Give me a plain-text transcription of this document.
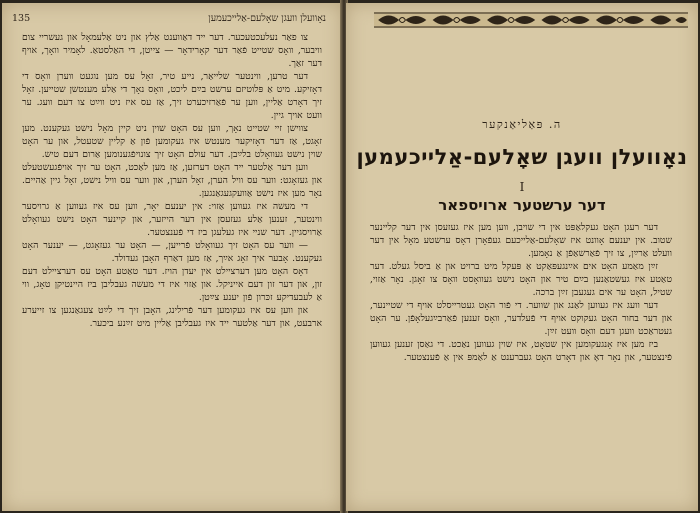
135	נאָוועלן וועגן שאָלעם-אַלייכעמען

צו פאַר נעלעכטעכער. דער ייד דאַווענט אַלץ און ניט אַלעמאָל און געשריי צום וויבער, וואָס שטייט פֿאַר דער קאָרידאָר — צייטן, די האַלסטאַ. לאָמיר וואָך, אויף דער זאַך.

דער טרען, ווינטער שלייאַר, נייע טיר, זאָל עס מען נוגעט ווערן וואָס די דאָזיקע. מיט אַ פּלוטיזם ערשט בײַם ליכט, וואָס נאָך די אַלע מענטשן שטייען. זאָל זיך דאָרט אַליין, ווען ער פֿאַרזיכערט זיך, אַז עס איז ניט ווײַט צו דעם וועג. ער וועט אויך גיין.

צווישן זיי שטייט נאָך, ווען עס האָט שוין ניט קיין מאָל נישט געקענט. מען זאָגט, אַז דער דאָזיקער מענטש איז געקומען פֿון אַ קליין שטעטל, און ער האָט שוין נישט געוואָלט בלײַבן. דער עולם האָט זיך צונויפֿגענומען אַרום דעם טיש.

ווען דער אַלטער ייד האָט דערזען, אַז מען לאַכט, האָט ער זיך אויפֿגעשטעלט און געזאָגט: ווער עס וויל הערן, זאָל הערן, און ווער עס וויל נישט, זאָל גיין אַהיים. נאָר מען איז נישט אַוועקגעגאַנגען.

די מעשה איז געווען אַזוי: אין יענעם יאָר, ווען עס איז געווען אַ גרויסער ווינטער, זענען אַלע געזעסן אין דער הייזער, און קיינער האָט נישט געוואָלט אַרויסגיין. דער שניי איז געלעגן ביז די פֿענצטער.

— ווער עס האָט זיך געוואָלט פֿרייען, — האָט ער געזאָגט, — יענער האָט געקענט. אָבער איך זאָג אײַך, אַז מען דאַרף האָבן געדולד.

דאָס האָט מען דערציילט אין יעדן הויז. דער טאַטע האָט עס דערציילט דעם זון, און דער זון דעם אייניקל. און אַזוי איז די מעשה געבליבן ביז היינטיקן טאָג, ווי אַ לעבעדיקע זכּרון פֿון יענע צײַטן.

און ווען עס איז געקומען דער פֿרילינג, האָבן זיך די לײַט צעגאַנגען צו זייערע ארבעט, און דער אַלטער ייד איז געבליבן אַליין מיט זײַנע ביכער.

ה. פּאַליאַנקער
נאָוועלן וועגן שאָלעם-אַלייכעמען
I
דער ערשטער ארויספאר

דער רעגן האָט געקלאַפּט אין די שויבן, ווען מען איז געזעסן אין דער קליינער שטוב. אין יענעם אָוונט איז שאָלעם-אַלייכעם געפֿאָרן דאָס ערשטע מאָל אין דער וועלט אַרײַן, צו זיך פֿאַרשאַפֿן אַ נאָמען.

זײַן מאַמע האָט אים אײַנגעפּאַקט אַ פּעקל מיט ברויט און אַ ביסל געלט. דער טאַטע איז געשטאַנען בײַם טיר און האָט נישט געוואָסט וואָס צו זאָגן. נאָר אַזוי, שטיל, האָט ער אים געגעבן זײַן ברכה.

דער וועג איז געווען לאַנג און שווער. די פֿור האָט געטרייסלט אויף די שטיינער, און דער בחור האָט געקוקט אויף די פֿעלדער, וואָס זענען פֿאַרבײַגעלאָפֿן. ער האָט געטראַכט וועגן דעם וואָס וועט זײַן.

ביז מען איז אָנגעקומען אין שטאָט, איז שוין געווען נאַכט. די גאַסן זענען געווען פֿינצטער, און נאָר דאָ און דאָרט האָט געברענט אַ לאַמפּ אין אַ פֿענצטער.
